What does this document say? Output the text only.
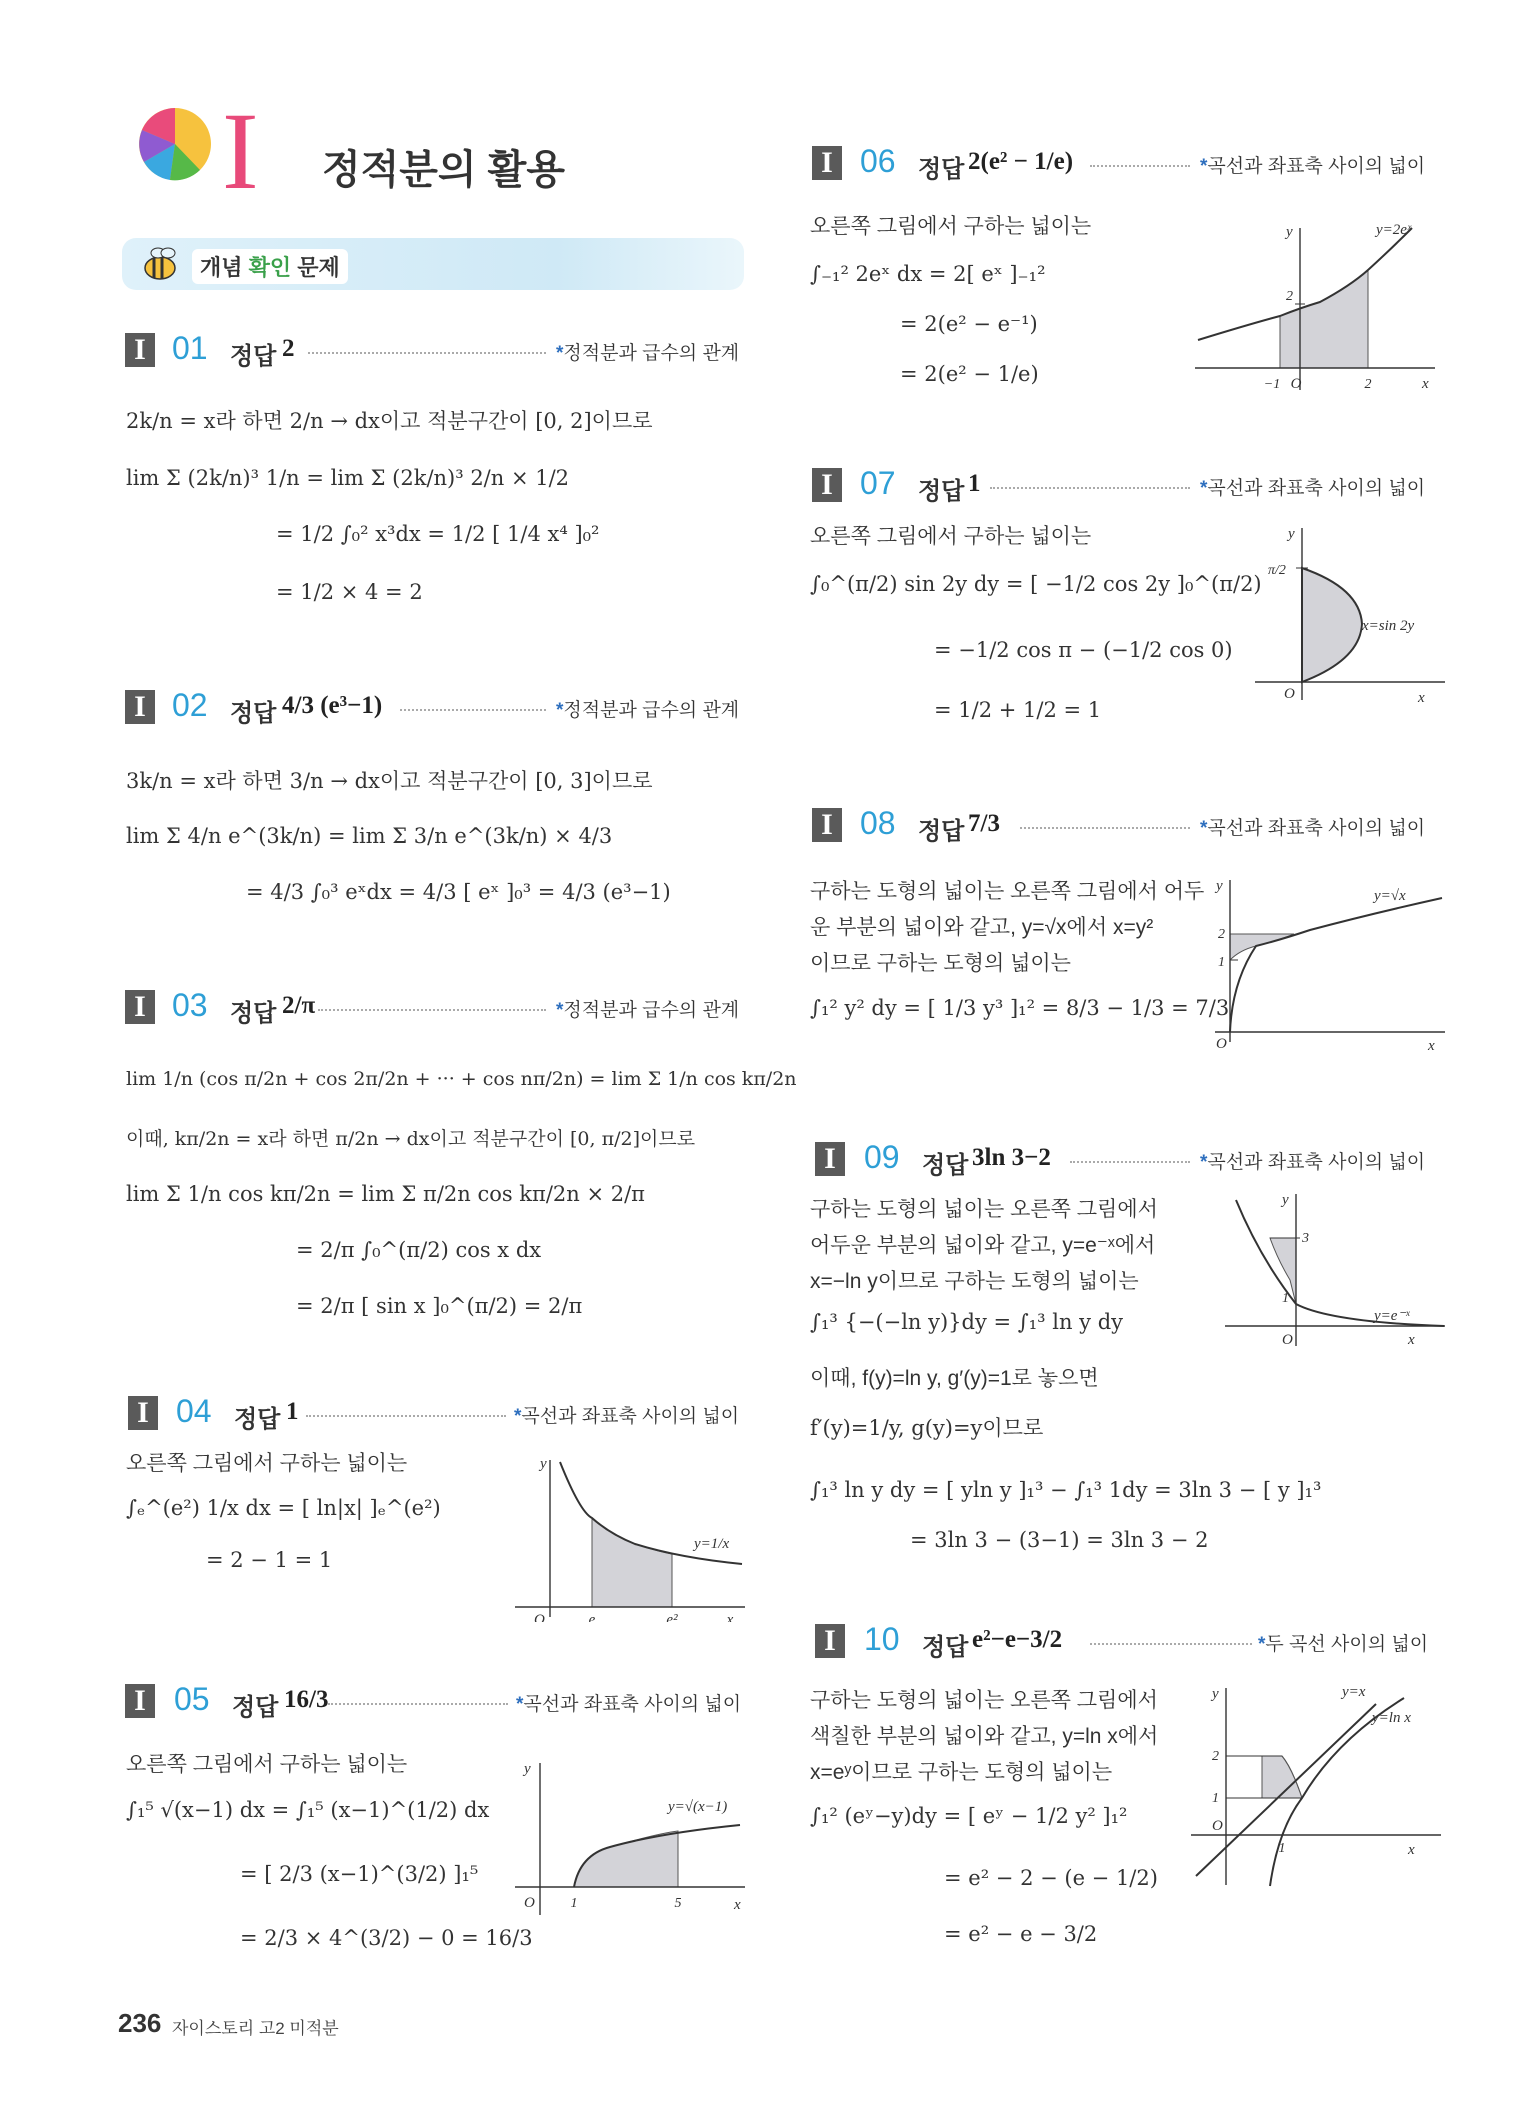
I 정적분의 활용
개념 확인 문제
I 01 정답 2	*정적분과 급수의 관계
2k/n = x라 하면 2/n → dx이고 적분구간이 [0, 2]이므로
lim Σ (2k/n)³ 1/n = lim Σ (2k/n)³ 2/n × 1/2
= 1/2 ∫₀² x³dx = 1/2 [ 1/4 x⁴ ]₀²
= 1/2 × 4 = 2
I 02 정답 4/3 (e³−1)	*정적분과 급수의 관계
3k/n = x라 하면 3/n → dx이고 적분구간이 [0, 3]이므로
lim Σ 4/n e^(3k/n) = lim Σ 3/n e^(3k/n) × 4/3
= 4/3 ∫₀³ eˣdx = 4/3 [ eˣ ]₀³ = 4/3 (e³−1)
I 03 정답 2/π	*정적분과 급수의 관계
lim 1/n (cos π/2n + cos 2π/2n + ··· + cos nπ/2n) = lim Σ 1/n cos kπ/2n
이때, kπ/2n = x라 하면 π/2n → dx이고 적분구간이 [0, π/2]이므로
lim Σ 1/n cos kπ/2n = lim Σ π/2n cos kπ/2n × 2/π
= 2/π ∫₀^(π/2) cos x dx
= 2/π [ sin x ]₀^(π/2) = 2/π
I 04 정답 1	*곡선과 좌표축 사이의 넓이
오른쪽 그림에서 구하는 넓이는
∫ₑ^(e²) 1/x dx = [ ln|x| ]ₑ^(e²)
= 2 − 1 = 1
y
x
O	e	e²
y=1/x
I 05 정답 16/3	*곡선과 좌표축 사이의 넓이
오른쪽 그림에서 구하는 넓이는
∫₁⁵ √(x−1) dx = ∫₁⁵ (x−1)^(1/2) dx
= [ 2/3 (x−1)^(3/2) ]₁⁵
= 2/3 × 4^(3/2) − 0 = 16/3
y
x
O	1	5
y=√(x−1)
I 06 정답 2(e² − 1/e)	*곡선과 좌표축 사이의 넓이
오른쪽 그림에서 구하는 넓이는
∫₋₁² 2eˣ dx = 2[ eˣ ]₋₁²
= 2(e² − e⁻¹)
= 2(e² − 1/e)
y
x
O
−1	2
2
y=2eˣ
I 07 정답 1	*곡선과 좌표축 사이의 넓이
오른쪽 그림에서 구하는 넓이는
∫₀^(π/2) sin 2y dy = [ −1/2 cos 2y ]₀^(π/2)
= −1/2 cos π − (−1/2 cos 0)
= 1/2 + 1/2 = 1
y
x
O
π/2
x=sin 2y
I 08 정답 7/3	*곡선과 좌표축 사이의 넓이
구하는 도형의 넓이는 오른쪽 그림에서 어두
운 부분의 넓이와 같고, y=√x에서 x=y²
이므로 구하는 도형의 넓이는
∫₁² y² dy = [ 1/3 y³ ]₁² = 8/3 − 1/3 = 7/3
y
x
O
1
2
y=√x
I 09 정답 3ln 3−2	*곡선과 좌표축 사이의 넓이
구하는 도형의 넓이는 오른쪽 그림에서
어두운 부분의 넓이와 같고, y=e⁻ˣ에서
x=−ln y이므로 구하는 도형의 넓이는
∫₁³ {−(−ln y)}dy = ∫₁³ ln y dy
이때, f(y)=ln y, g′(y)=1로 놓으면
f′(y)=1/y, g(y)=y이므로
∫₁³ ln y dy = [ yln y ]₁³ − ∫₁³ 1dy = 3ln 3 − [ y ]₁³
= 3ln 3 − (3−1) = 3ln 3 − 2
y
x
O
1
3
y=e⁻ˣ
I 10 정답 e²−e−3/2	*두 곡선 사이의 넓이
구하는 도형의 넓이는 오른쪽 그림에서
색칠한 부분의 넓이와 같고, y=ln x에서
x=eʸ이므로 구하는 도형의 넓이는
∫₁² (eʸ−y)dy = [ eʸ − 1/2 y² ]₁²
= e² − 2 − (e − 1/2)
= e² − e − 3/2
y
x
O
1
1
2
y=x
y=ln x
236 자이스토리 고2 미적분
